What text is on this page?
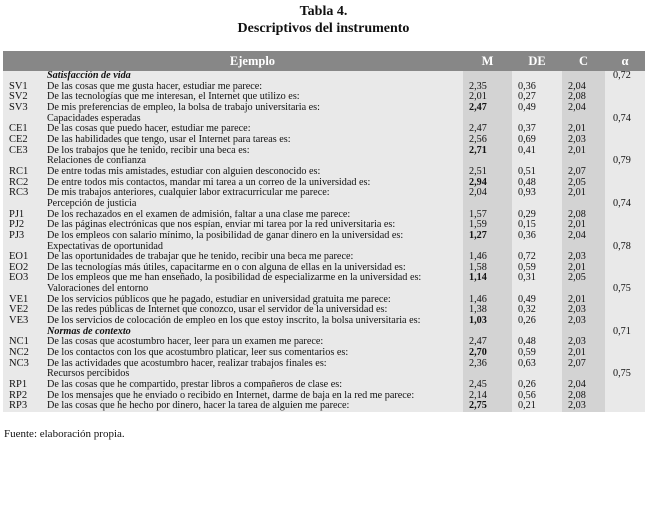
Tabla 4.
Descriptivos del instrumento
	Ejemplo	M	DE	C	α
	Satisfacción de vida				0,72
SV1	De las cosas que me gusta hacer, estudiar me parece:	2,35	0,36	2,04	
SV2	De las tecnologías que me interesan, el Internet que utilizo es:	2,01	0,27	2,08	
SV3	De mis preferencias de empleo, la bolsa de trabajo universitaria es:	2,47	0,49	2,04	
	Capacidades esperadas				0,74
CE1	De las cosas que puedo hacer, estudiar me parece:	2,47	0,37	2,01	
CE2	De las habilidades que tengo, usar el Internet para tareas es:	2,56	0,69	2,03	
CE3	De los trabajos que he tenido, recibir una beca es:	2,71	0,41	2,01	
	Relaciones de confianza				0,79
RC1	De entre todas mis amistades, estudiar con alguien desconocido es:	2,51	0,51	2,07	
RC2	De entre todos mis contactos, mandar mi tarea a un correo de la universidad es:	2,94	0,48	2,05	
RC3	De mis trabajos anteriores, cualquier labor extracurricular me parece:	2,04	0,93	2,01	
	Percepción de justicia				0,74
PJ1	De los rechazados en el examen de admisión, faltar a una clase me parece:	1,57	0,29	2,08	
PJ2	De las páginas electrónicas que nos espían, enviar mi tarea por la red universitaria es:	1,59	0,15	2,01	
PJ3	De los empleos con salario mínimo, la posibilidad de ganar dinero en la universidad es:	1,27	0,36	2,04	
	Expectativas de oportunidad				0,78
EO1	De las oportunidades de trabajar que he tenido, recibir una beca me parece:	1,46	0,72	2,03	
EO2	De las tecnologías más útiles, capacitarme en o con alguna de ellas en la universidad es:	1,58	0,59	2,01	
EO3	De los empleos que me han enseñado, la posibilidad de especializarme en la universidad es:	1,14	0,31	2,05	
	Valoraciones del entorno				0,75
VE1	De los servicios públicos que he pagado, estudiar en universidad gratuita me parece:	1,46	0,49	2,01	
VE2	De las redes públicas de Internet que conozco, usar el servidor de la universidad es:	1,38	0,32	2,03	
VE3	De los servicios de colocación de empleo en los que estoy inscrito, la bolsa universitaria es:	1,03	0,26	2,03	
	Normas de contexto				0,71
NC1	De las cosas que acostumbro hacer, leer para un examen me parece:	2,47	0,48	2,03	
NC2	De los contactos con los que acostumbro platicar, leer sus comentarios es:	2,70	0,59	2,01	
NC3	De las actividades que acostumbro hacer, realizar trabajos finales es:	2,36	0,63	2,07	
	Recursos percibidos				0,75
RP1	De las cosas que he compartido, prestar libros a compañeros de clase es:	2,45	0,26	2,04	
RP2	De los mensajes que he enviado o recibido en Internet, darme de baja en la red me parece:	2,14	0,56	2,08	
RP3	De las cosas que he hecho por dinero, hacer la tarea de alguien me parece:	2,75	0,21	2,03	
Fuente: elaboración propia.
